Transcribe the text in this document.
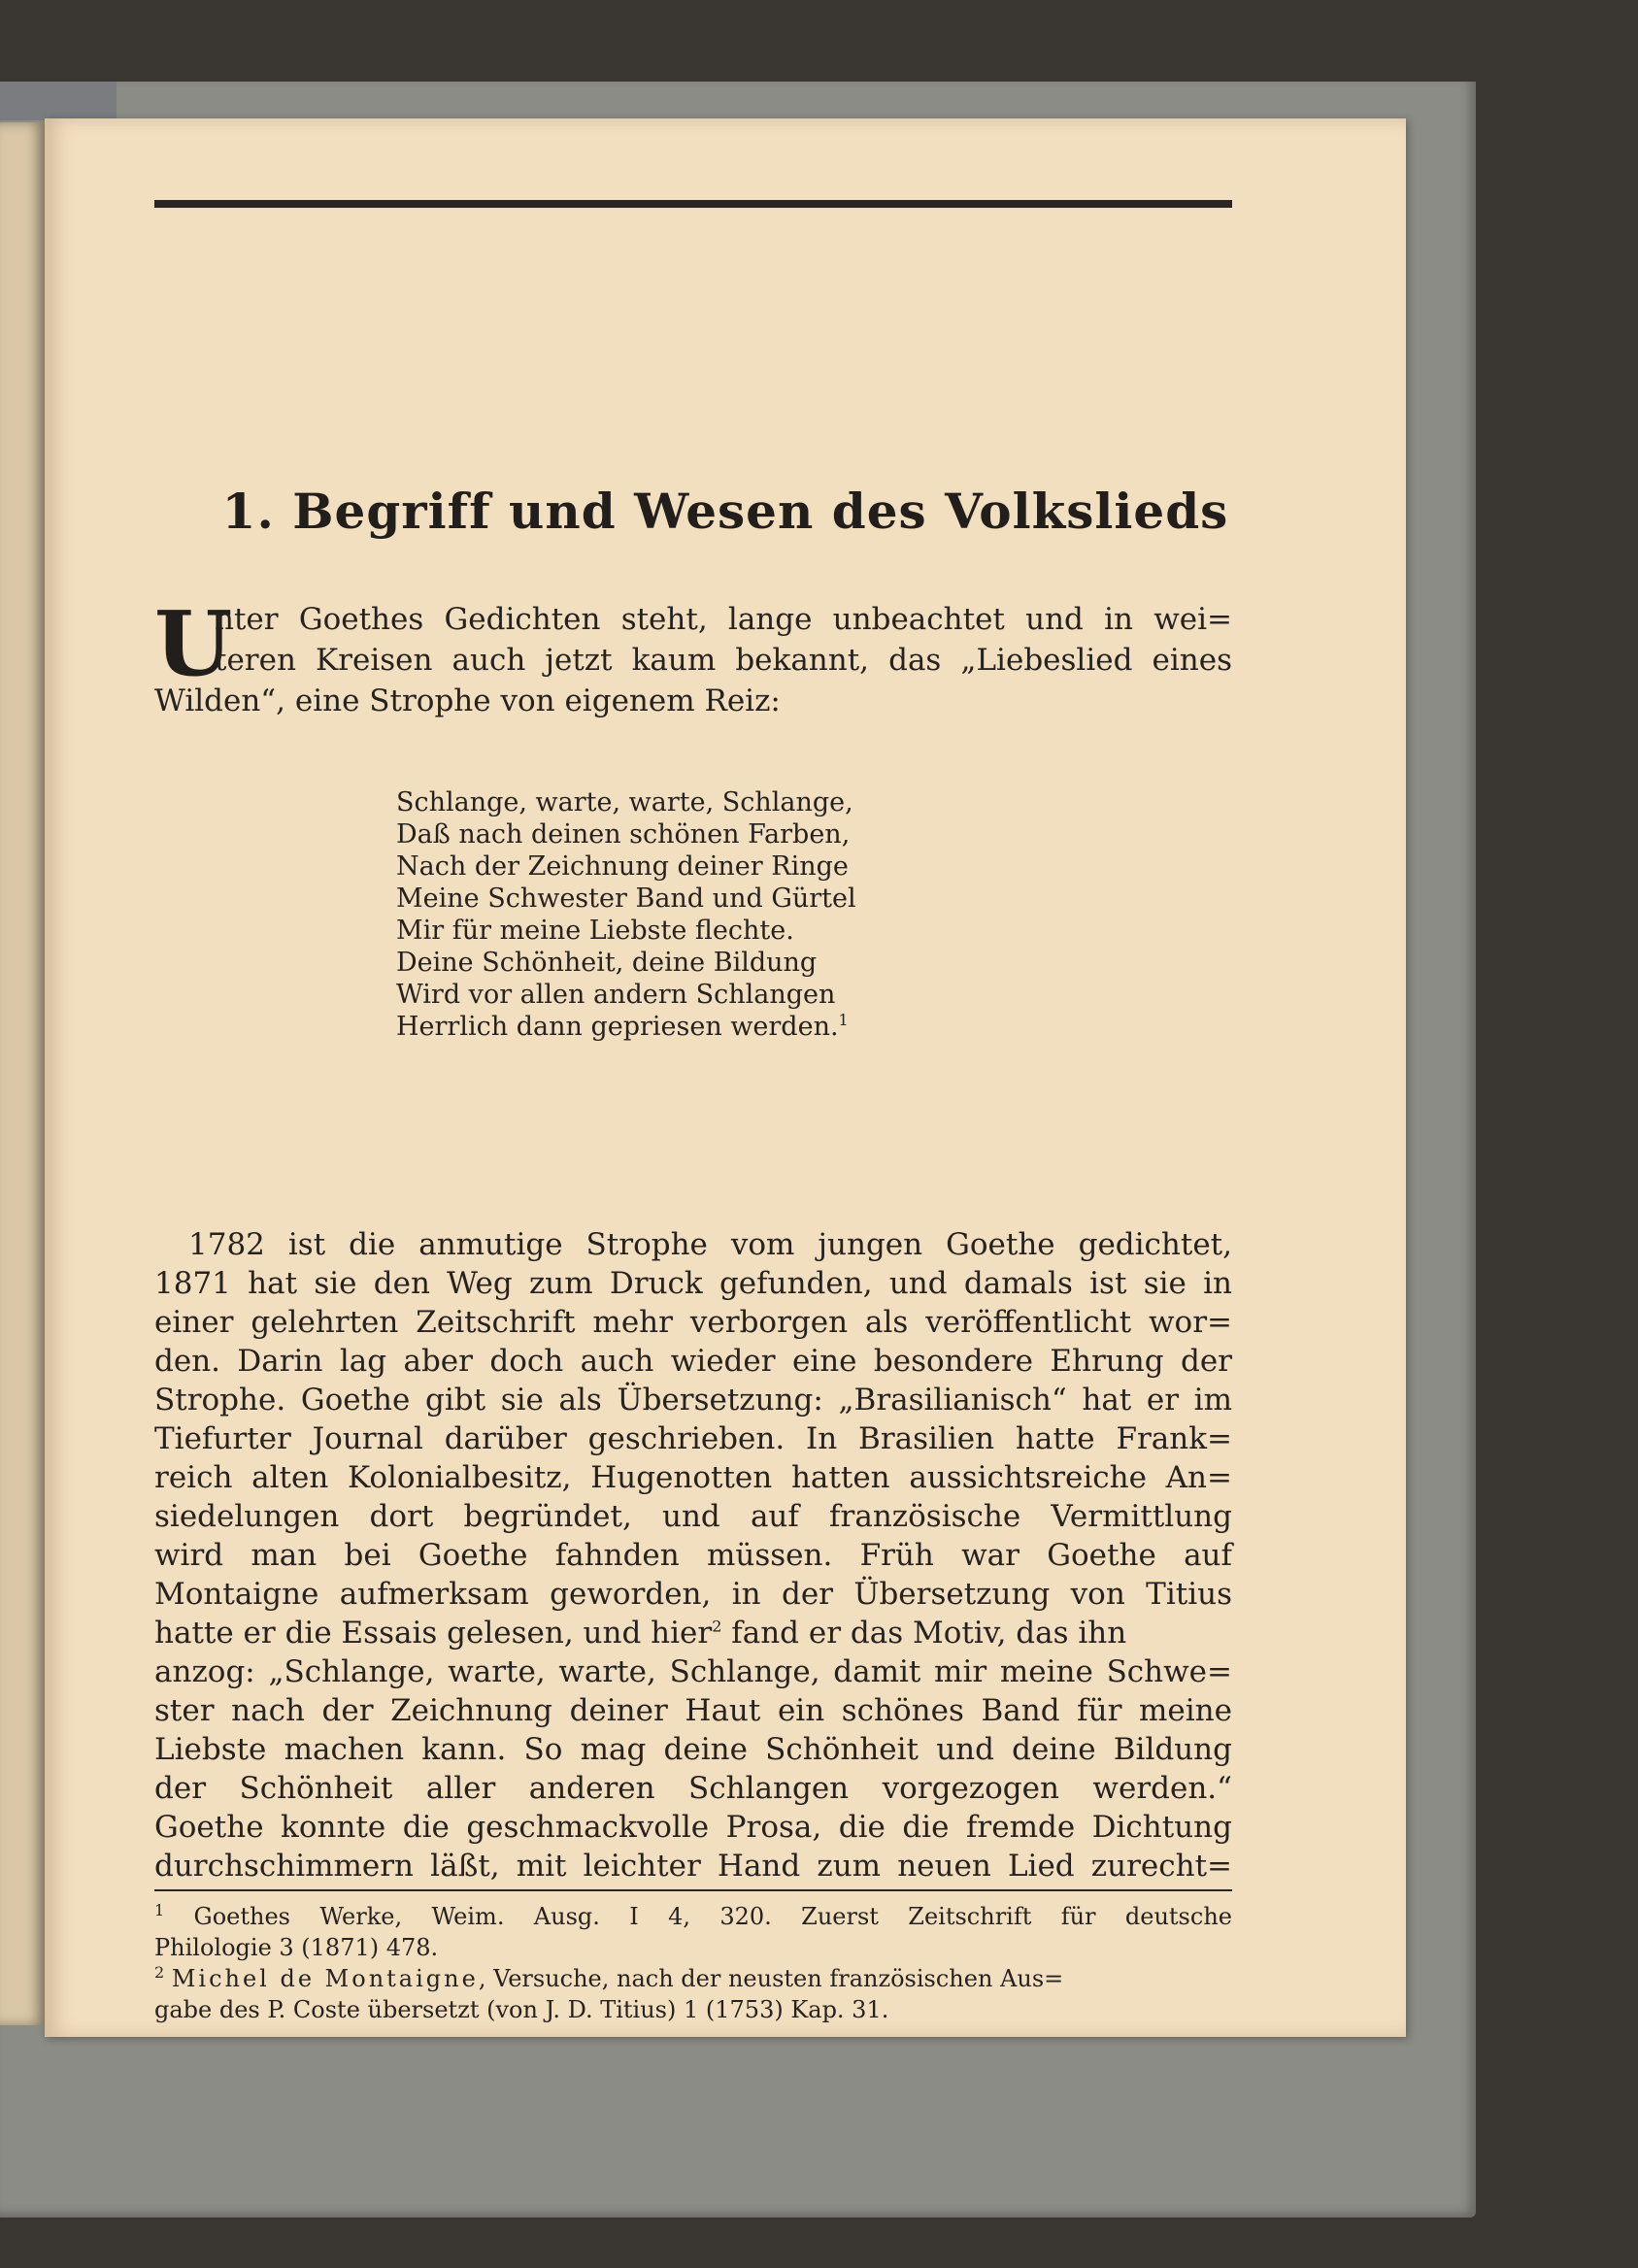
1. Begriff und Wesen des Volkslieds
U
nter Goethes Gedichten steht, lange unbeachtet und in wei=
teren Kreisen auch jetzt kaum bekannt, das „Liebeslied eines
Wilden“, eine Strophe von eigenem Reiz:
Schlange, warte, warte, Schlange,
Daß nach deinen schönen Farben,
Nach der Zeichnung deiner Ringe
Meine Schwester Band und Gürtel
Mir für meine Liebste flechte.
Deine Schönheit, deine Bildung
Wird vor allen andern Schlangen
Herrlich dann gepriesen werden.$^1$
1782 ist die anmutige Strophe vom jungen Goethe gedichtet,
1871 hat sie den Weg zum Druck gefunden, und damals ist sie in
einer gelehrten Zeitschrift mehr verborgen als veröffentlicht wor=
den. Darin lag aber doch auch wieder eine besondere Ehrung der
Strophe. Goethe gibt sie als Übersetzung: „Brasilianisch“ hat er im
Tiefurter Journal darüber geschrieben. In Brasilien hatte Frank=
reich alten Kolonialbesitz, Hugenotten hatten aussichtsreiche An=
siedelungen dort begründet, und auf französische Vermittlung
wird man bei Goethe fahnden müssen. Früh war Goethe auf
Montaigne aufmerksam geworden, in der Übersetzung von Titius
hatte er die Essais gelesen, und hier$^2$ fand er das Motiv, das ihn
anzog: „Schlange, warte, warte, Schlange, damit mir meine Schwe=
ster nach der Zeichnung deiner Haut ein schönes Band für meine
Liebste machen kann. So mag deine Schönheit und deine Bildung
der Schönheit aller anderen Schlangen vorgezogen werden.“
Goethe konnte die geschmackvolle Prosa, die die fremde Dichtung
durchschimmern läßt, mit leichter Hand zum neuen Lied zurecht=
$^1$ Goethes Werke, Weim. Ausg. I 4, 320. Zuerst Zeitschrift für deutsche
Philologie 3 (1871) 478.
$^2$ Michel de Montaigne, Versuche, nach der neusten französischen Aus=
gabe des P. Coste übersetzt (von J. D. Titius) 1 (1753) Kap. 31.
